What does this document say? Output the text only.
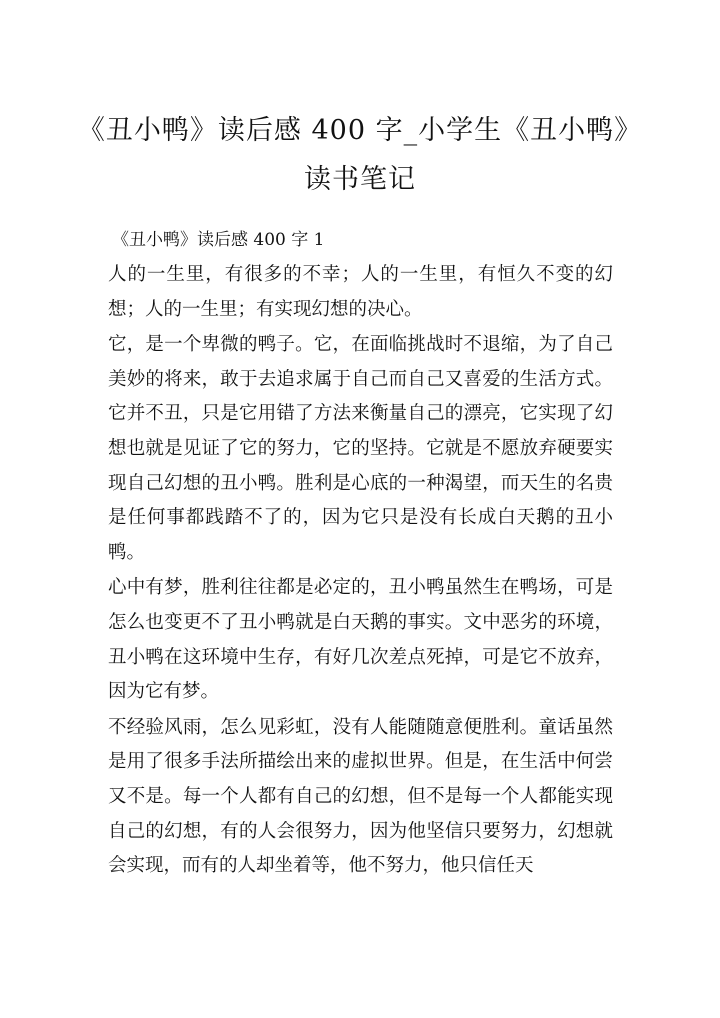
《丑小鸭》读后感 400 字_小学生《丑小鸭》
读书笔记

《丑小鸭》读后感 400 字 1

人的一生里，有很多的不幸；人的一生里，有恒久不变的幻想；人的一生里；有实现幻想的决心。

它，是一个卑微的鸭子。它，在面临挑战时不退缩，为了自己美妙的将来，敢于去追求属于自己而自己又喜爱的生活方式。它并不丑，只是它用错了方法来衡量自己的漂亮，它实现了幻想也就是见证了它的努力，它的坚持。它就是不愿放弃硬要实现自己幻想的丑小鸭。胜利是心底的一种渴望，而天生的名贵是任何事都践踏不了的，因为它只是没有长成白天鹅的丑小鸭。

心中有梦，胜利往往都是必定的，丑小鸭虽然生在鸭场，可是怎么也变更不了丑小鸭就是白天鹅的事实。文中恶劣的环境，丑小鸭在这环境中生存，有好几次差点死掉，可是它不放弃，因为它有梦。

不经验风雨，怎么见彩虹，没有人能随随意便胜利。童话虽然是用了很多手法所描绘出来的虚拟世界。但是，在生活中何尝又不是。每一个人都有自己的幻想，但不是每一个人都能实现自己的幻想，有的人会很努力，因为他坚信只要努力，幻想就会实现，而有的人却坐着等，他不努力，他只信任天
